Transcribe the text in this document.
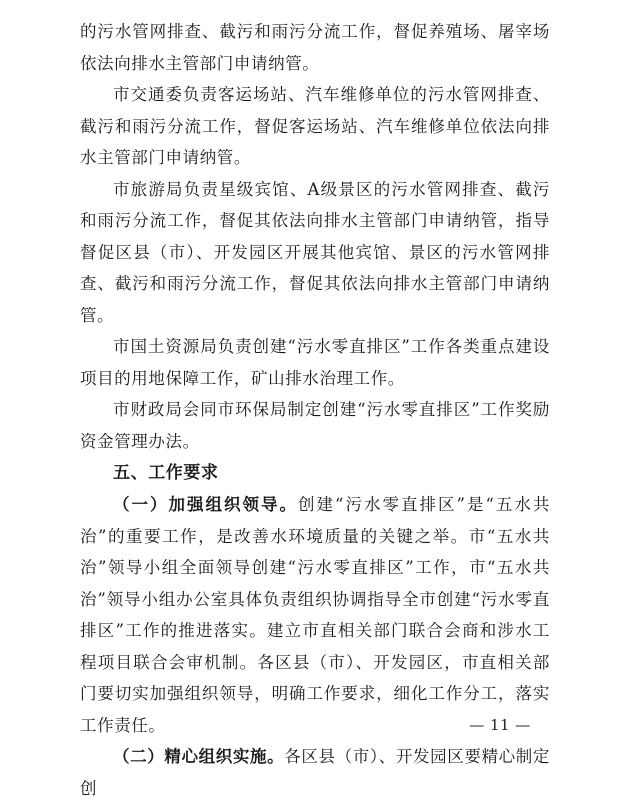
的污水管网排查、截污和雨污分流工作，督促养殖场、屠宰场依法向排水主管部门申请纳管。

市交通委负责客运场站、汽车维修单位的污水管网排查、截污和雨污分流工作，督促客运场站、汽车维修单位依法向排水主管部门申请纳管。

市旅游局负责星级宾馆、A级景区的污水管网排查、截污和雨污分流工作，督促其依法向排水主管部门申请纳管，指导督促区县（市）、开发园区开展其他宾馆、景区的污水管网排查、截污和雨污分流工作，督促其依法向排水主管部门申请纳管。

市国土资源局负责创建“污水零直排区”工作各类重点建设项目的用地保障工作，矿山排水治理工作。

市财政局会同市环保局制定创建“污水零直排区”工作奖励资金管理办法。

五、工作要求

（一）加强组织领导。创建“污水零直排区”是“五水共治”的重要工作，是改善水环境质量的关键之举。市“五水共治”领导小组全面领导创建“污水零直排区”工作，市“五水共治”领导小组办公室具体负责组织协调指导全市创建“污水零直排区”工作的推进落实。建立市直相关部门联合会商和涉水工程项目联合会审机制。各区县（市）、开发园区，市直相关部门要切实加强组织领导，明确工作要求，细化工作分工，落实工作责任。

（二）精心组织实施。各区县（市）、开发园区要精心制定创

— 11 —
